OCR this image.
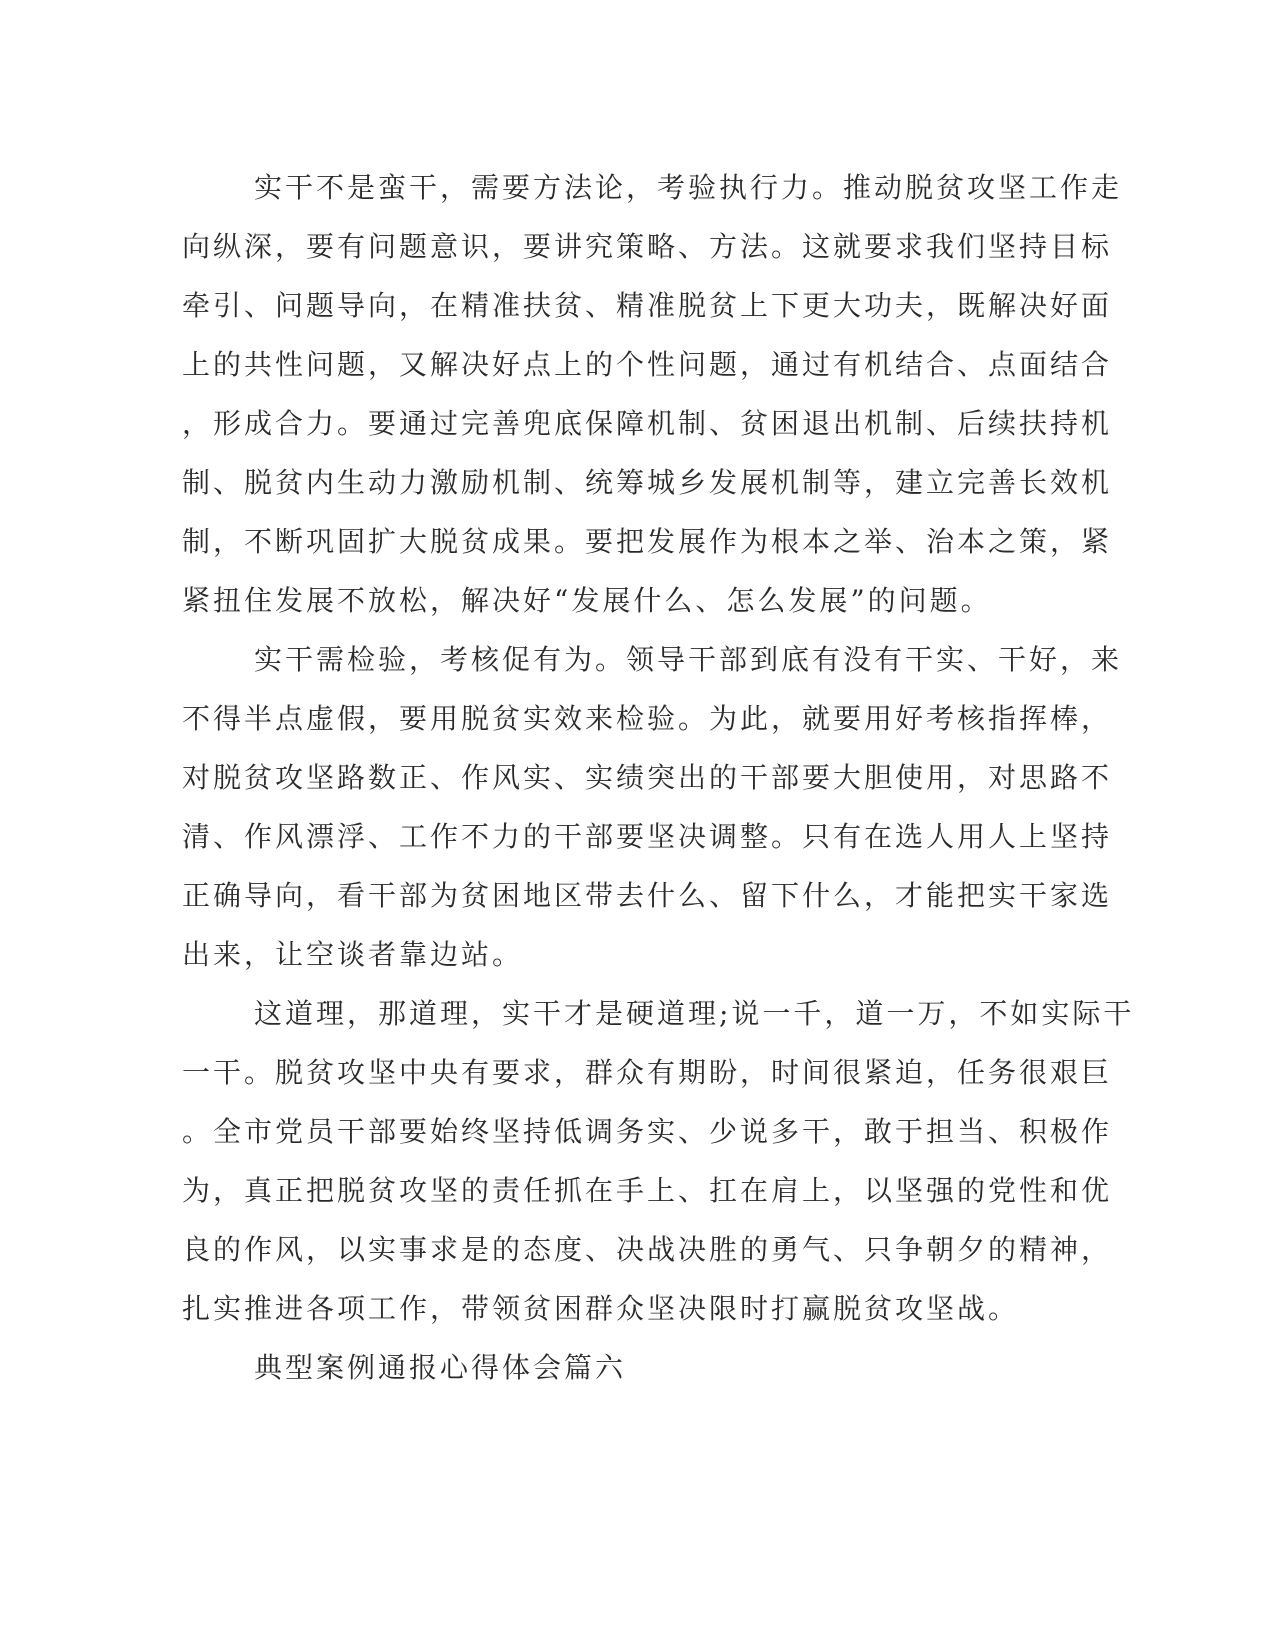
实干不是蛮干，需要方法论，考验执行力。推动脱贫攻坚工作走
向纵深，要有问题意识，要讲究策略、方法。这就要求我们坚持目标
牵引、问题导向，在精准扶贫、精准脱贫上下更大功夫，既解决好面
上的共性问题，又解决好点上的个性问题，通过有机结合、点面结合
，形成合力。要通过完善兜底保障机制、贫困退出机制、后续扶持机
制、脱贫内生动力激励机制、统筹城乡发展机制等，建立完善长效机
制，不断巩固扩大脱贫成果。要把发展作为根本之举、治本之策，紧
紧扭住发展不放松，解决好“发展什么、怎么发展”的问题。
实干需检验，考核促有为。领导干部到底有没有干实、干好，来
不得半点虚假，要用脱贫实效来检验。为此，就要用好考核指挥棒，
对脱贫攻坚路数正、作风实、实绩突出的干部要大胆使用，对思路不
清、作风漂浮、工作不力的干部要坚决调整。只有在选人用人上坚持
正确导向，看干部为贫困地区带去什么、留下什么，才能把实干家选
出来，让空谈者靠边站。
这道理，那道理，实干才是硬道理;说一千，道一万，不如实际干
一干。脱贫攻坚中央有要求，群众有期盼，时间很紧迫，任务很艰巨
。全市党员干部要始终坚持低调务实、少说多干，敢于担当、积极作
为，真正把脱贫攻坚的责任抓在手上、扛在肩上，以坚强的党性和优
良的作风，以实事求是的态度、决战决胜的勇气、只争朝夕的精神，
扎实推进各项工作，带领贫困群众坚决限时打赢脱贫攻坚战。
典型案例通报心得体会篇六
